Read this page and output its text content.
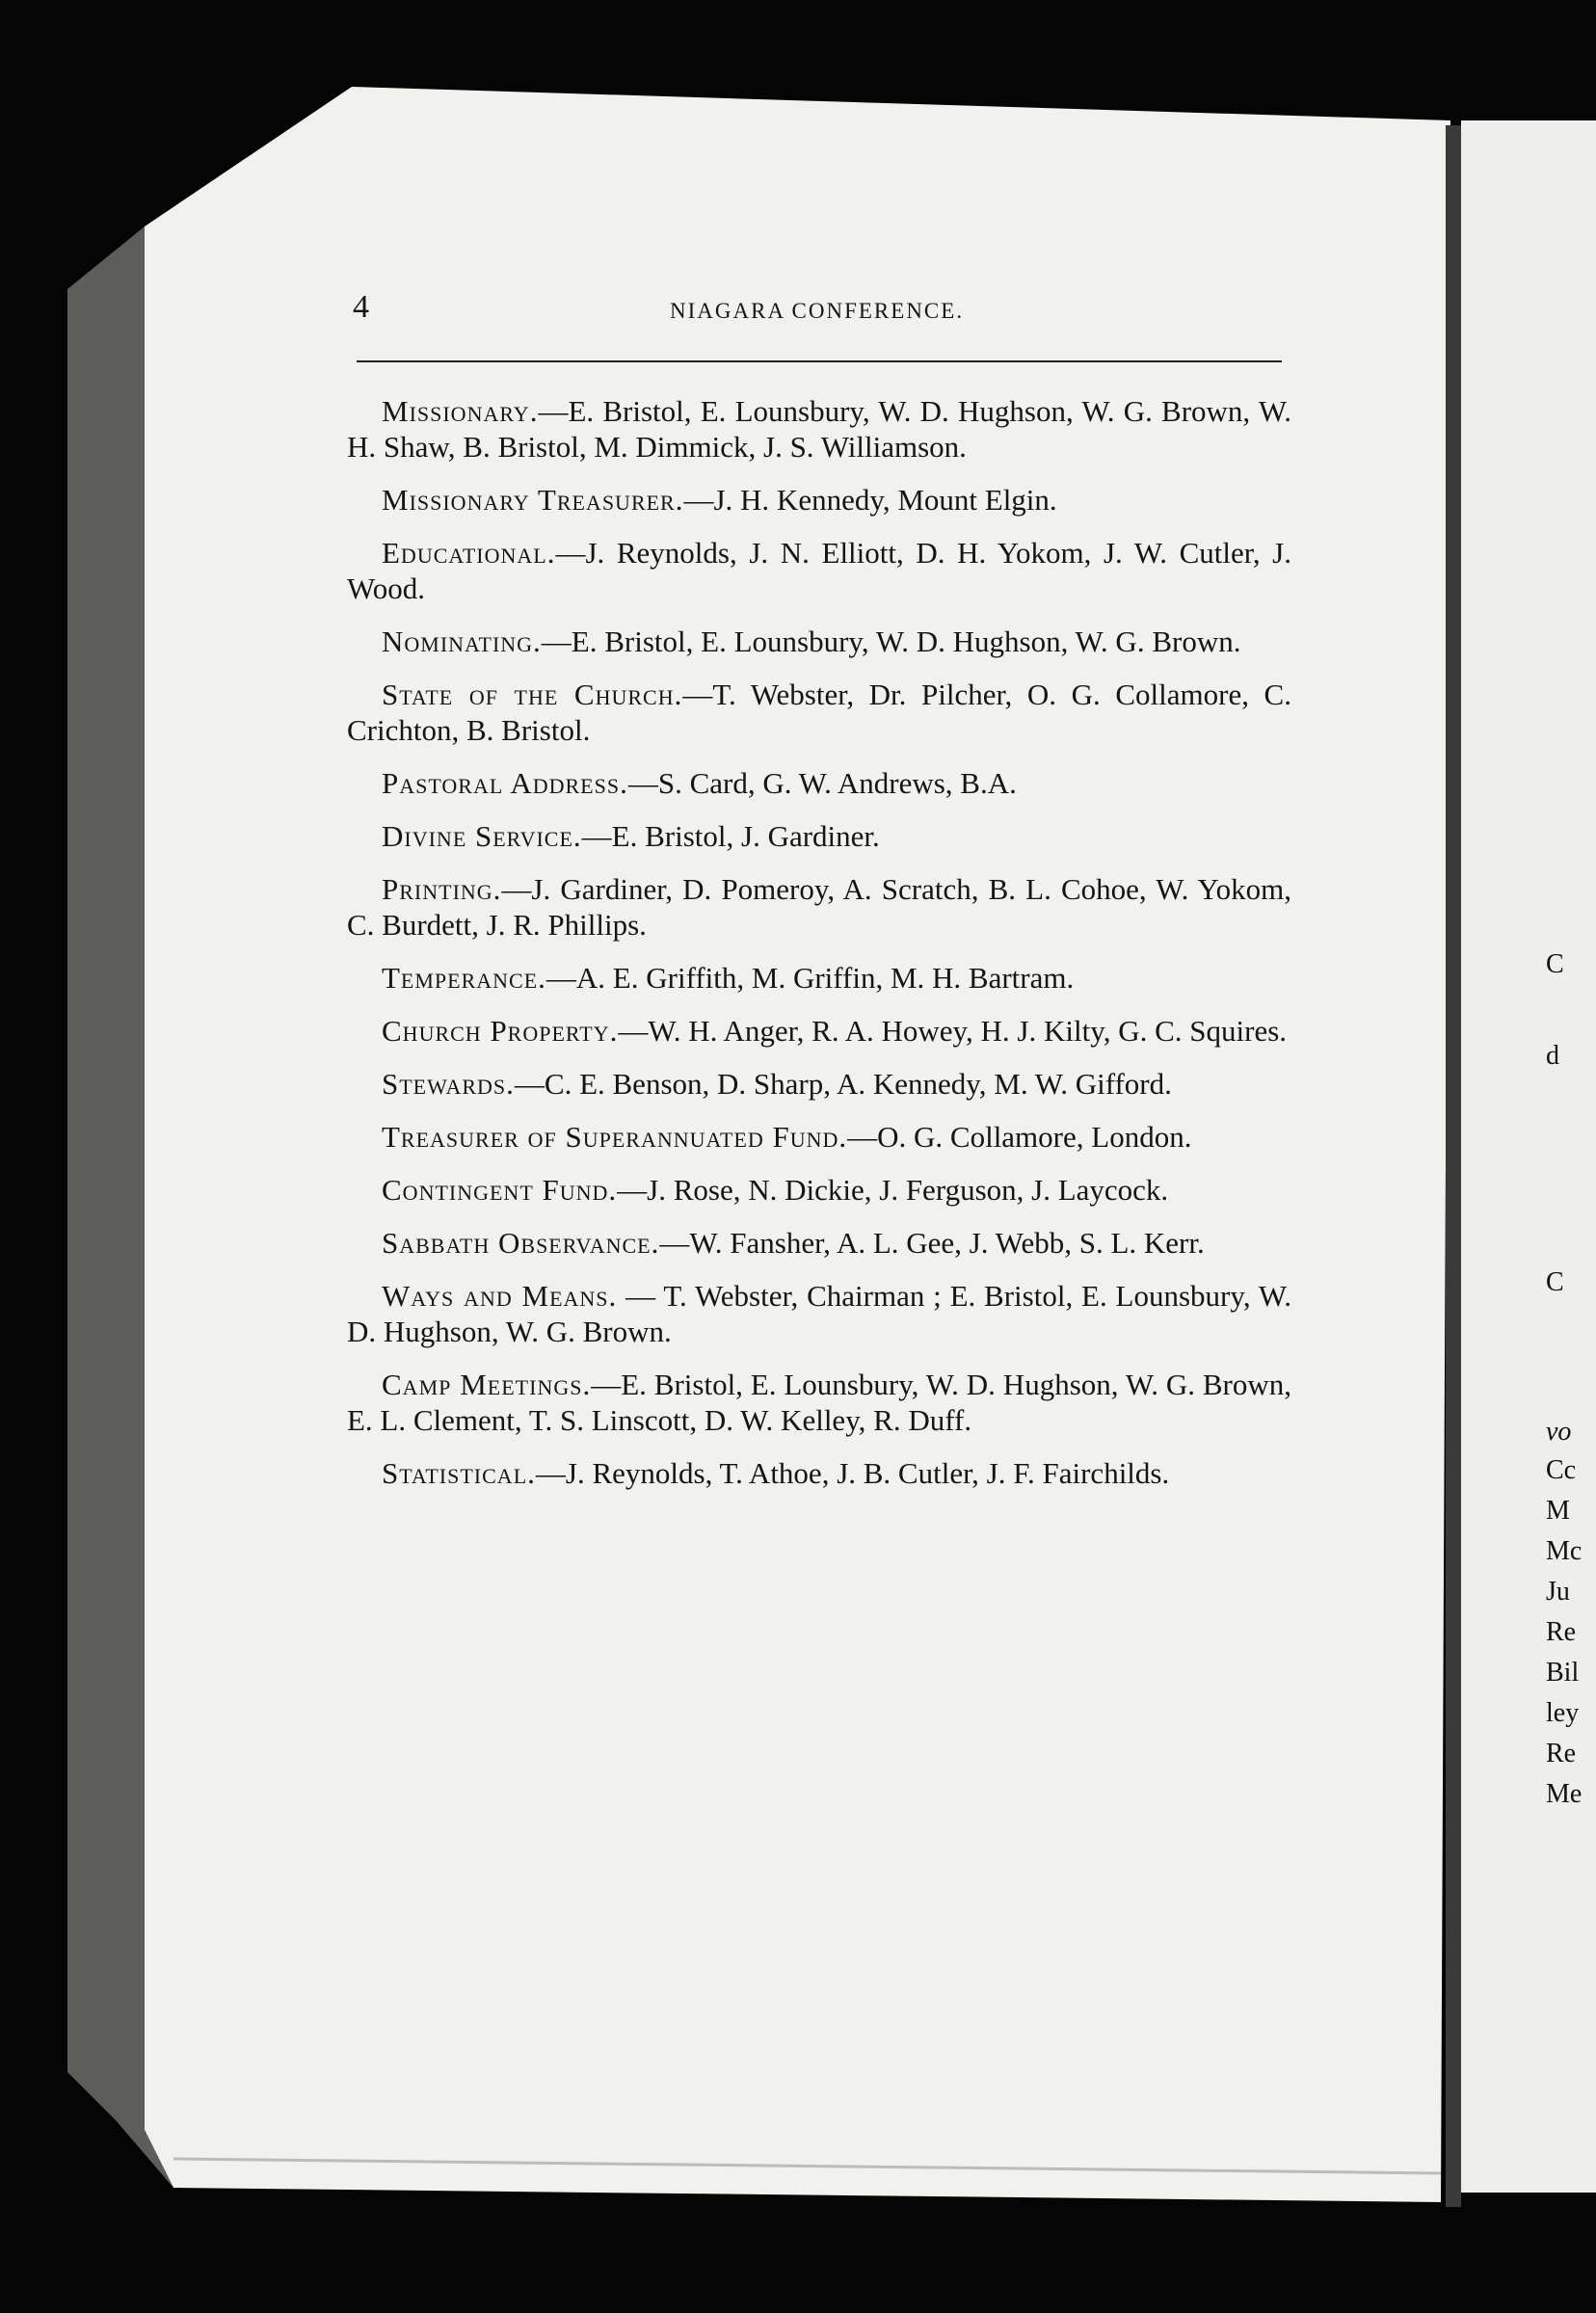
4	NIAGARA CONFERENCE.

Missionary.—E. Bristol, E. Lounsbury, W. D. Hughson, W. G. Brown, W. H. Shaw, B. Bristol, M. Dimmick, J. S. Williamson.

Missionary Treasurer.—J. H. Kennedy, Mount Elgin.

Educational.—J. Reynolds, J. N. Elliott, D. H. Yokom, J. W. Cutler, J. Wood.

Nominating.—E. Bristol, E. Lounsbury, W. D. Hughson, W. G. Brown.

State of the Church.—T. Webster, Dr. Pilcher, O. G. Collamore, C. Crichton, B. Bristol.

Pastoral Address.—S. Card, G. W. Andrews, B.A.

Divine Service.—E. Bristol, J. Gardiner.

Printing.—J. Gardiner, D. Pomeroy, A. Scratch, B. L. Cohoe, W. Yokom, C. Burdett, J. R. Phillips.

Temperance.—A. E. Griffith, M. Griffin, M. H. Bartram.

Church Property.—W. H. Anger, R. A. Howey, H. J. Kilty, G. C. Squires.

Stewards.—C. E. Benson, D. Sharp, A. Kennedy, M. W. Gifford.

Treasurer of Superannuated Fund.—O. G. Collamore, London.

Contingent Fund.—J. Rose, N. Dickie, J. Ferguson, J. Laycock.

Sabbath Observance.—W. Fansher, A. L. Gee, J. Webb, S. L. Kerr.

Ways and Means. — T. Webster, Chairman ; E. Bristol, E. Lounsbury, W. D. Hughson, W. G. Brown.

Camp Meetings.—E. Bristol, E. Lounsbury, W. D. Hughson, W. G. Brown, E. L. Clement, T. S. Linscott, D. W. Kelley, R. Duff.

Statistical.—J. Reynolds, T. Athoe, J. B. Cutler, J. F. Fairchilds.

C
d
C
vo
Cc
M
Mc
Ju
Re
Bil
ley
Re
Me
